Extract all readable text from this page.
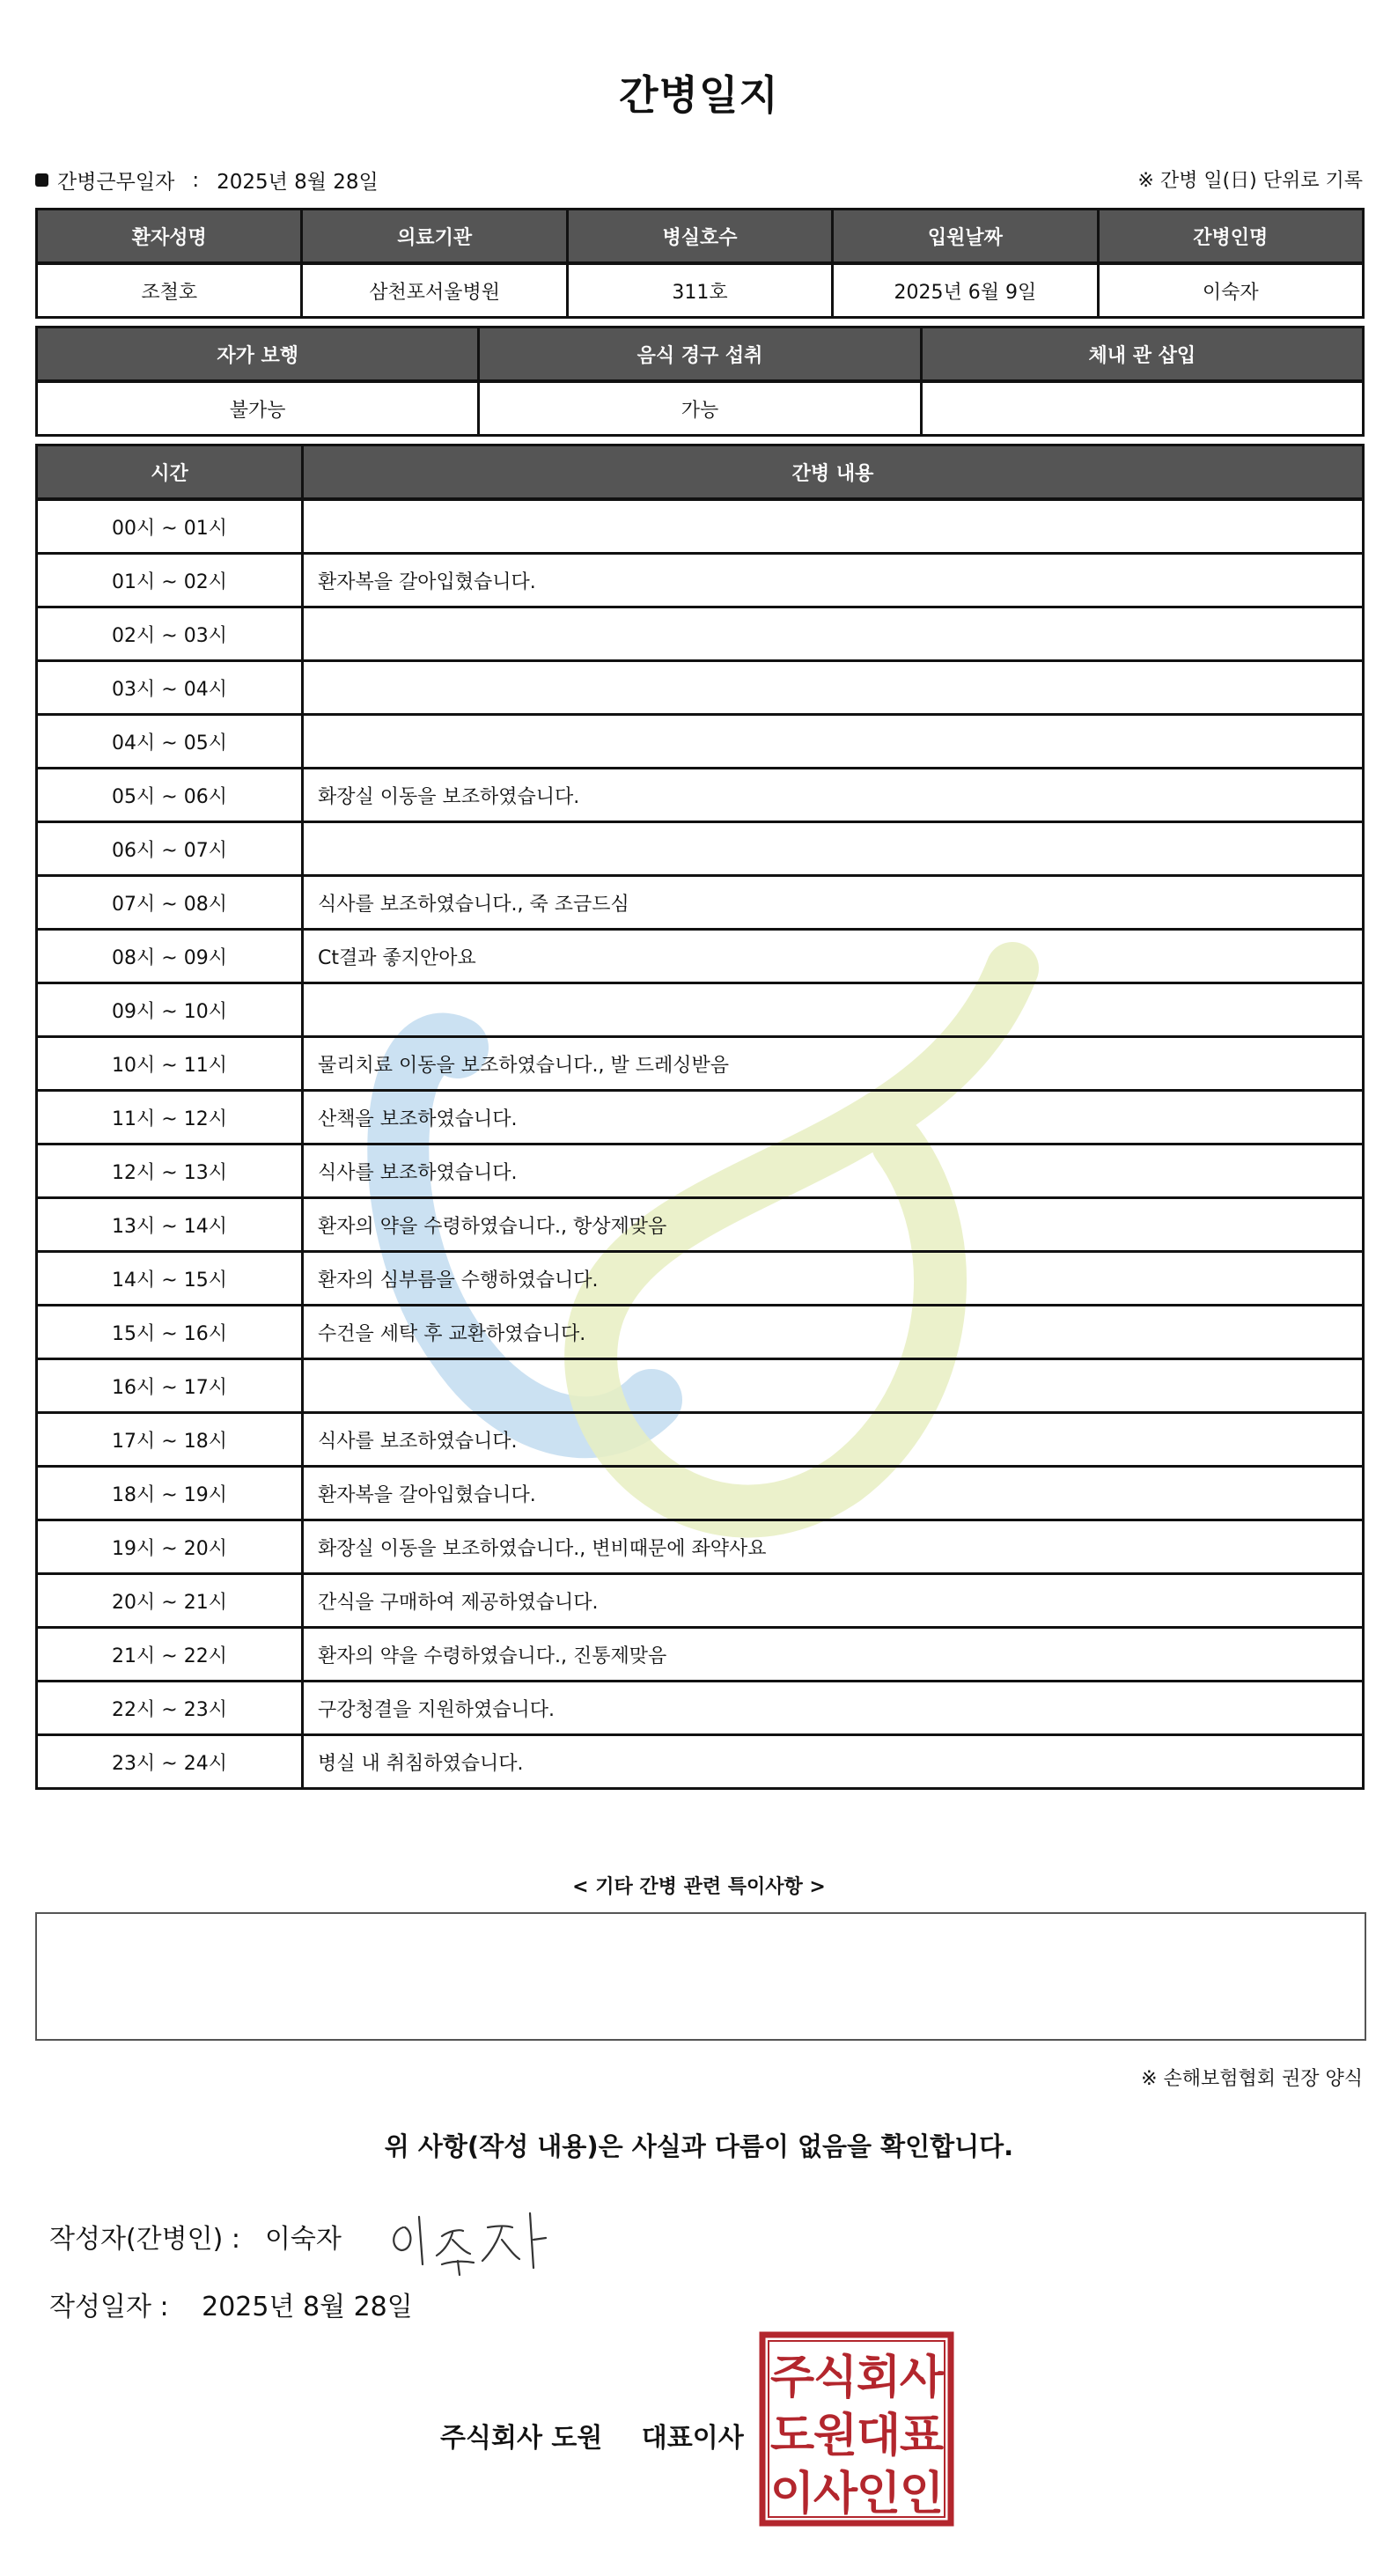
간병일지
간병근무일자 : 2025년 8월 28일	※ 간병 일(日) 단위로 기록
환자성명	의료기관	병실호수	입원날짜	간병인명
조철호	삼천포서울병원	311호	2025년 6월 9일	이숙자
자가 보행	음식 경구 섭취	체내 관 삽입
불가능	가능	
시간	간병 내용
00시 ~ 01시	
01시 ~ 02시	환자복을 갈아입혔습니다.
02시 ~ 03시	
03시 ~ 04시	
04시 ~ 05시	
05시 ~ 06시	화장실 이동을 보조하였습니다.
06시 ~ 07시	
07시 ~ 08시	식사를 보조하였습니다., 죽 조금드심
08시 ~ 09시	Ct결과 좋지안아요
09시 ~ 10시	
10시 ~ 11시	물리치료 이동을 보조하였습니다., 발 드레싱받음
11시 ~ 12시	산책을 보조하였습니다.
12시 ~ 13시	식사를 보조하였습니다.
13시 ~ 14시	환자의 약을 수령하였습니다., 항상제맞음
14시 ~ 15시	환자의 심부름을 수행하였습니다.
15시 ~ 16시	수건을 세탁 후 교환하였습니다.
16시 ~ 17시	
17시 ~ 18시	식사를 보조하였습니다.
18시 ~ 19시	환자복을 갈아입혔습니다.
19시 ~ 20시	화장실 이동을 보조하였습니다., 변비때문에 좌약사요
20시 ~ 21시	간식을 구매하여 제공하였습니다.
21시 ~ 22시	환자의 약을 수령하였습니다., 진통제맞음
22시 ~ 23시	구강청결을 지원하였습니다.
23시 ~ 24시	병실 내 취침하였습니다.
< 기타 간병 관련 특이사항 >
※ 손해보험협회 권장 양식
위 사항(작성 내용)은 사실과 다름이 없음을 확인합니다.
작성자(간병인) : 이숙자
작성일자 : 2025년 8월 28일
주식회사 도원 대표이사
주
식
회
사
도
원
대
표
이
사
인
인
